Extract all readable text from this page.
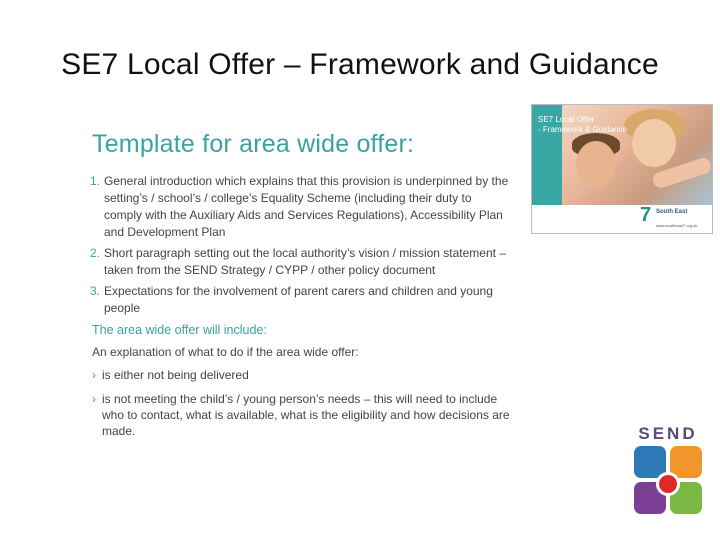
SE7 Local Offer – Framework and Guidance
Template for area wide offer:
1. General introduction which explains that this provision is underpinned by the setting’s / school’s / college’s Equality Scheme (including their duty to comply with the Auxiliary Aids and Services Regulations), Accessibility Plan and Development Plan
2. Short paragraph setting out the local authority’s vision / mission statement – taken from the SEND Strategy / CYPP / other policy document
3. Expectations for the involvement of parent carers and children and young people
The area wide offer will include:
An explanation of what to do if the area wide offer:
› is either not being delivered
› is not meeting the child’s / young person’s needs – this will need to include who to contact, what is available, what is the eligibility and how decisions are made.
SE7 Local Offer
- Framework & Guidance
7 South East
www.southeast7.org.uk
SEND
